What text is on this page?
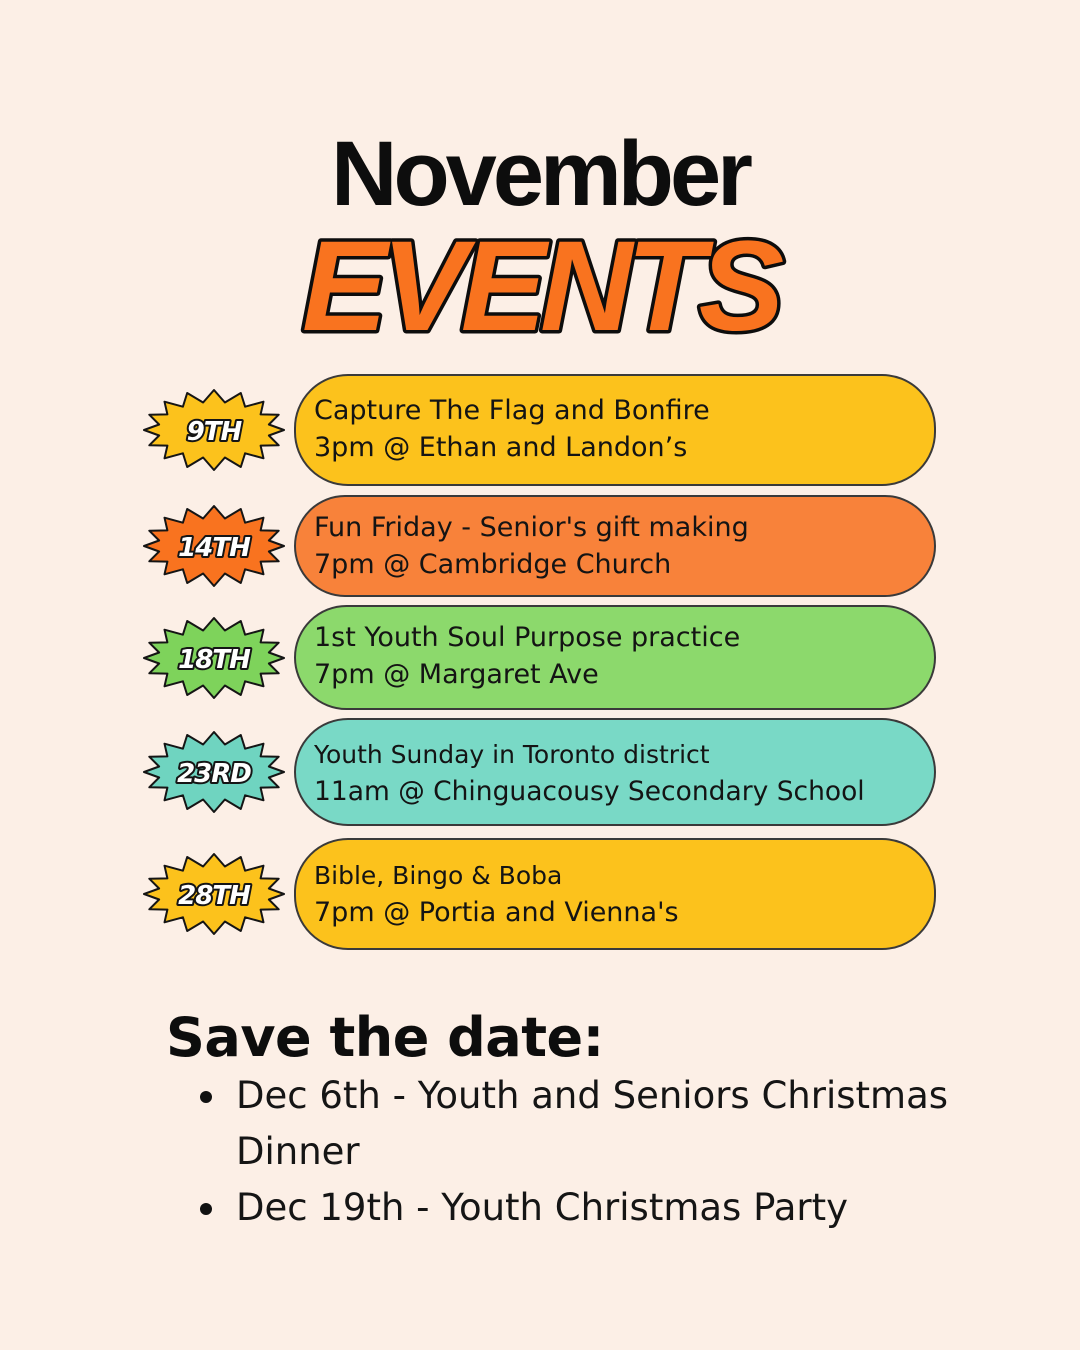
November
EVENTS
9TH
Capture The Flag and Bonfire
3pm @ Ethan and Landon’s
14TH
Fun Friday - Senior's gift making
7pm @ Cambridge Church
18TH
1st Youth Soul Purpose practice
7pm @ Margaret Ave
23RD
Youth Sunday in Toronto district
11am @ Chinguacousy Secondary School
28TH
Bible, Bingo & Boba
7pm @ Portia and Vienna's
Save the date:
Dec 6th - Youth and Seniors Christmas Dinner
Dec 19th - Youth Christmas Party
